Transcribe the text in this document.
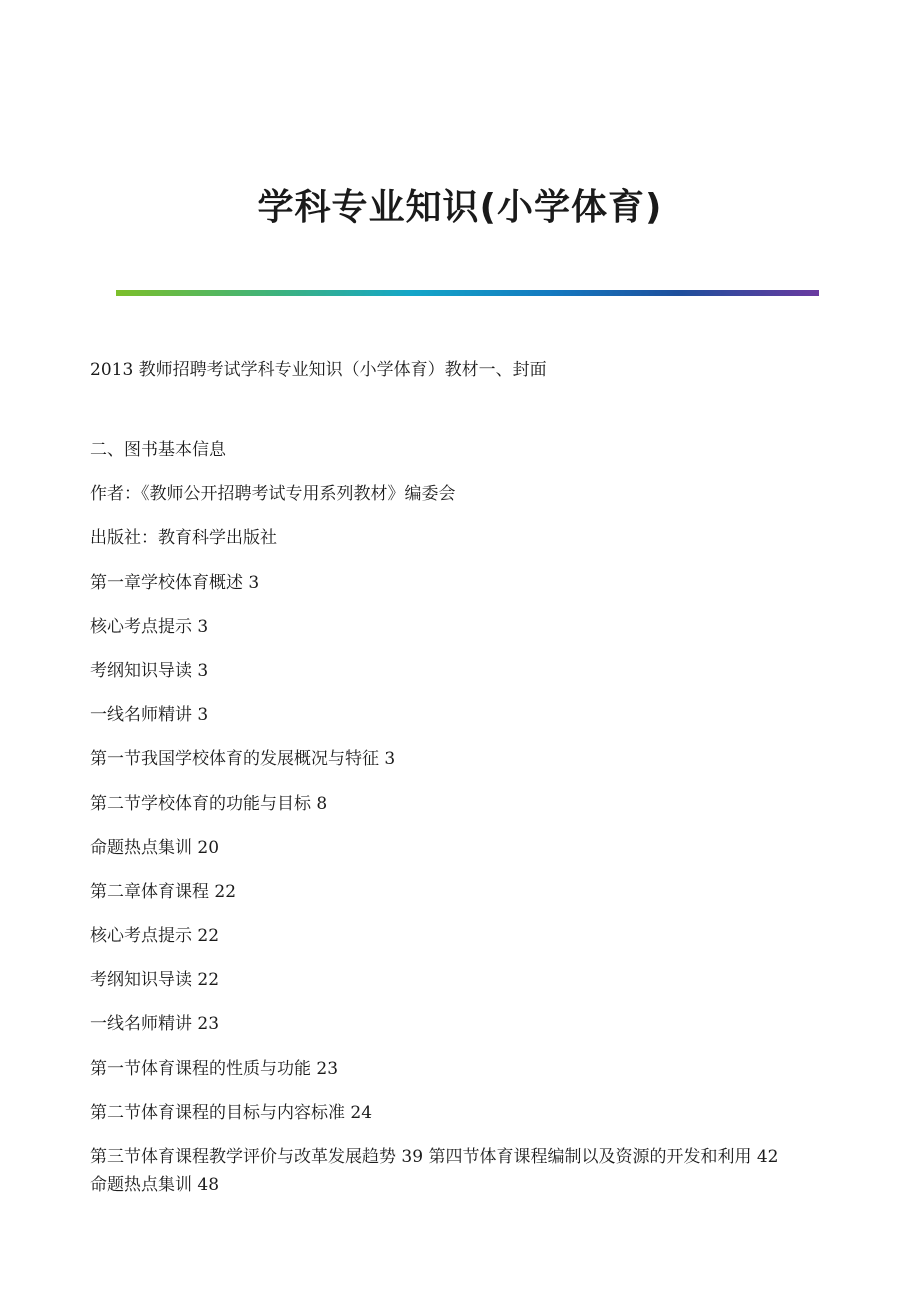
学科专业知识(小学体育)

2013 教师招聘考试学科专业知识（小学体育）教材一、封面

二、图书基本信息
作者：《教师公开招聘考试专用系列教材》编委会
出版社：教育科学出版社
第一章学校体育概述 3
核心考点提示 3
考纲知识导读 3
一线名师精讲 3
第一节我国学校体育的发展概况与特征 3
第二节学校体育的功能与目标 8
命题热点集训 20
第二章体育课程 22
核心考点提示 22
考纲知识导读 22
一线名师精讲 23
第一节体育课程的性质与功能 23
第二节体育课程的目标与内容标准 24
第三节体育课程教学评价与改革发展趋势 39 第四节体育课程编制以及资源的开发和利用 42
命题热点集训 48
